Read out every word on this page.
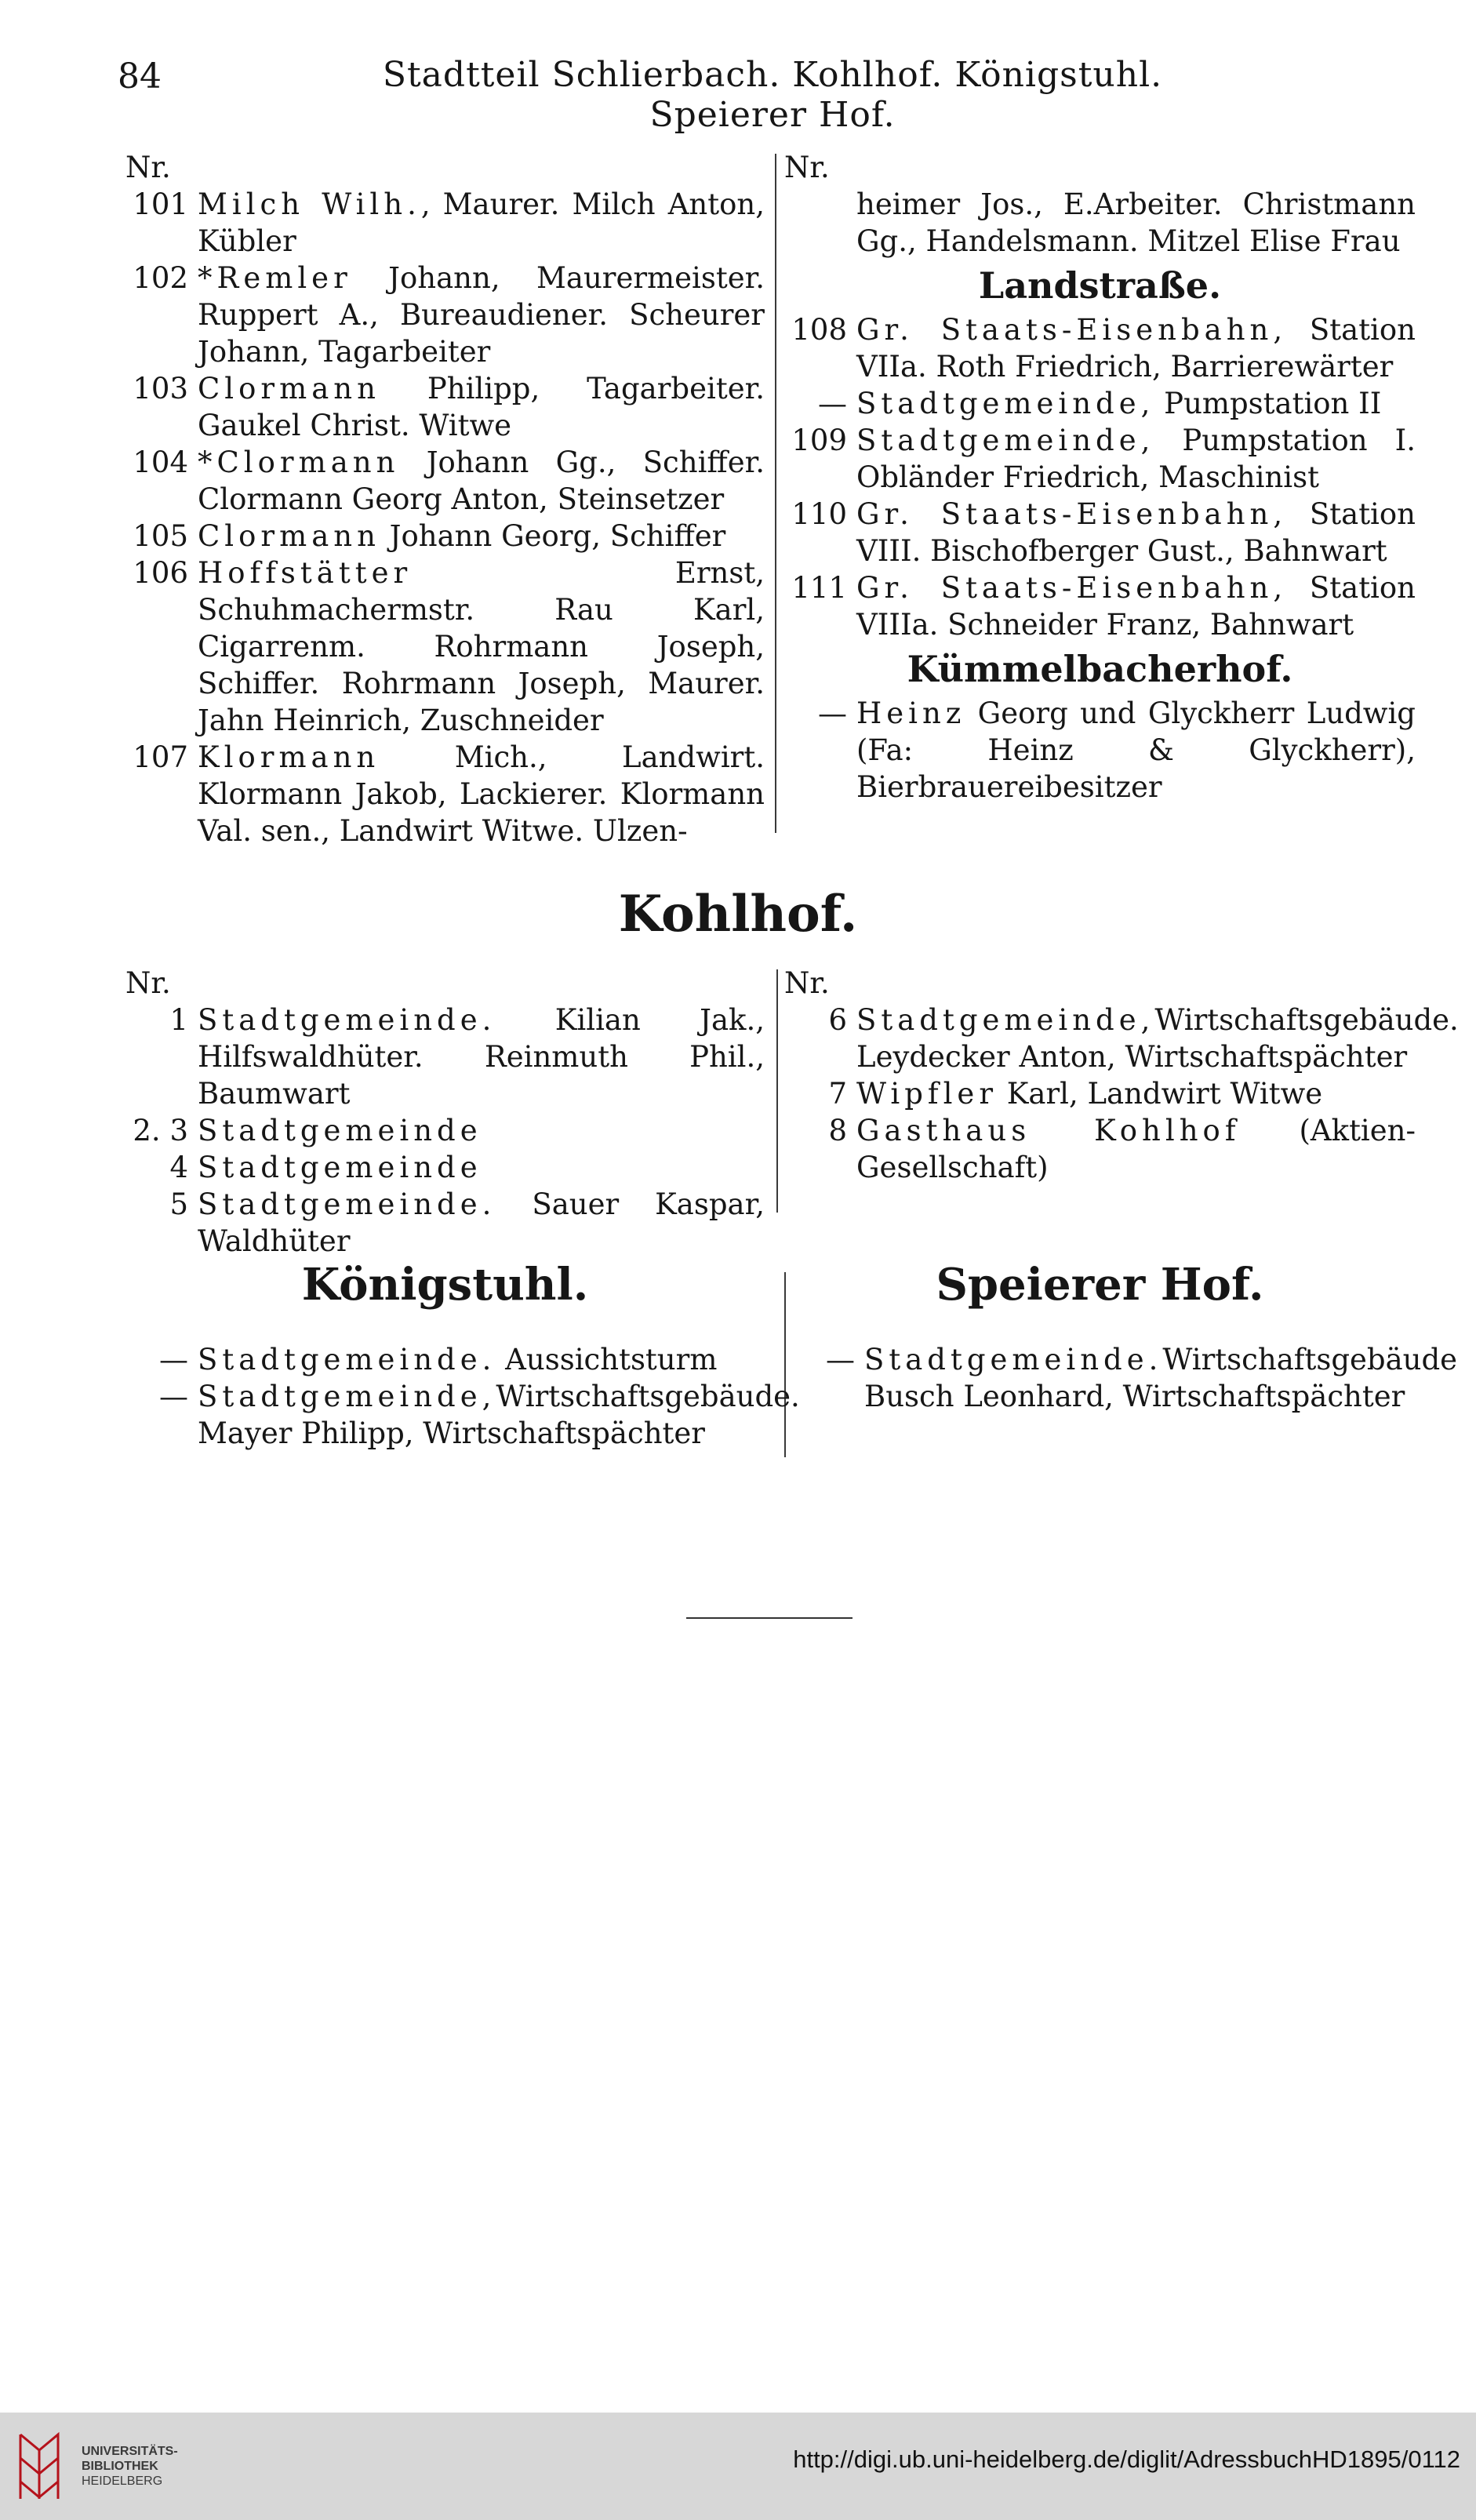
84	Stadtteil Schlierbach. Kohlhof. Königstuhl. Speierer Hof.
Nr.
101 Milch Wilh., Maurer. Milch Anton, Kübler
102 *Remler Johann, Maurermeister. Ruppert A., Bureaudiener. Scheurer Johann, Tagarbeiter
103 Clormann Philipp, Tagarbeiter. Gaukel Christ. Witwe
104 *Clormann Johann Gg., Schiffer. Clormann Georg Anton, Steinsetzer
105 Clormann Johann Georg, Schiffer
106 Hoffstätter Ernst, Schuhmachermstr. Rau Karl, Cigarrenm. Rohrmann Joseph, Schiffer. Rohrmann Joseph, Maurer. Jahn Heinrich, Zuschneider
107 Klormann Mich., Landwirt. Klormann Jakob, Lackierer. Klormann Val. sen., Landwirt Witwe. Ulzen-
Nr.
heimer Jos., E.Arbeiter. Christmann Gg., Handelsmann. Mitzel Elise Frau
Landstraße.
108 Gr. Staats-Eisenbahn, Station VIIa. Roth Friedrich, Barrierewärter
— Stadtgemeinde, Pumpstation II
109 Stadtgemeinde, Pumpstation I. Obländer Friedrich, Maschinist
110 Gr. Staats-Eisenbahn, Station VIII. Bischofberger Gust., Bahnwart
111 Gr. Staats-Eisenbahn, Station VIIIa. Schneider Franz, Bahnwart
Kümmelbacherhof.
— Heinz Georg und Glyckherr Ludwig (Fa: Heinz & Glyckherr), Bierbrauereibesitzer
Kohlhof.
Nr.
1 Stadtgemeinde. Kilian Jak., Hilfswaldhüter. Reinmuth Phil., Baumwart
2. 3 Stadtgemeinde
4 Stadtgemeinde
5 Stadtgemeinde. Sauer Kaspar, Waldhüter
Nr.
6 Stadtgemeinde,Wirtschaftsgebäude. Leydecker Anton, Wirtschaftspächter
7 Wipfler Karl, Landwirt Witwe
8 Gasthaus Kohlhof (Aktien-Gesellschaft)
Königstuhl.	Speierer Hof.
— Stadtgemeinde. Aussichtsturm
— Stadtgemeinde,Wirtschaftsgebäude. Mayer Philipp, Wirtschaftspächter
— Stadtgemeinde.Wirtschaftsgebäude Busch Leonhard, Wirtschaftspächter
UNIVERSITÄTS-
BIBLIOTHEK
HEIDELBERG
http://digi.ub.uni-heidelberg.de/diglit/AdressbuchHD1895/0112
